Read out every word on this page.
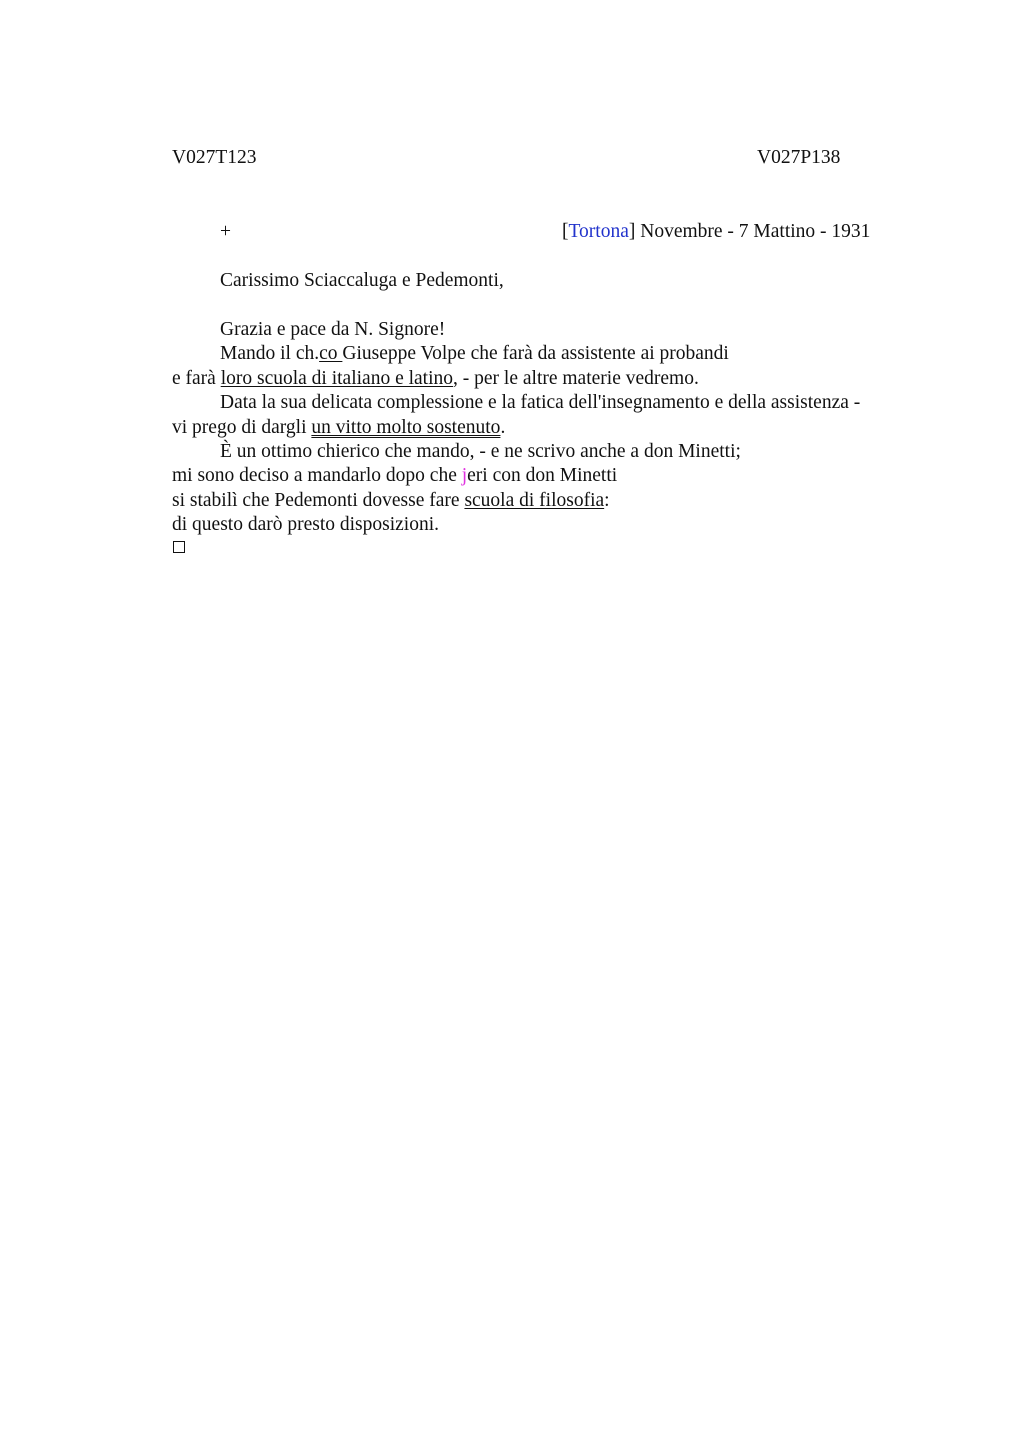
V027T123	V027P138
+	[Tortona] Novembre - 7 Mattino - 1931
Carissimo Sciaccaluga e Pedemonti,
Grazia e pace da N. Signore!
Mando il ch.co Giuseppe Volpe che farà da assistente ai probandi
e farà loro scuola di italiano e latino, - per le altre materie vedremo.
Data la sua delicata complessione e la fatica dell'insegnamento e della assistenza -
vi prego di dargli un vitto molto sostenuto.
È un ottimo chierico che mando, - e ne scrivo anche a don Minetti;
mi sono deciso a mandarlo dopo che jeri con don Minetti
si stabilì che Pedemonti dovesse fare scuola di filosofia:
di questo darò presto disposizioni.
